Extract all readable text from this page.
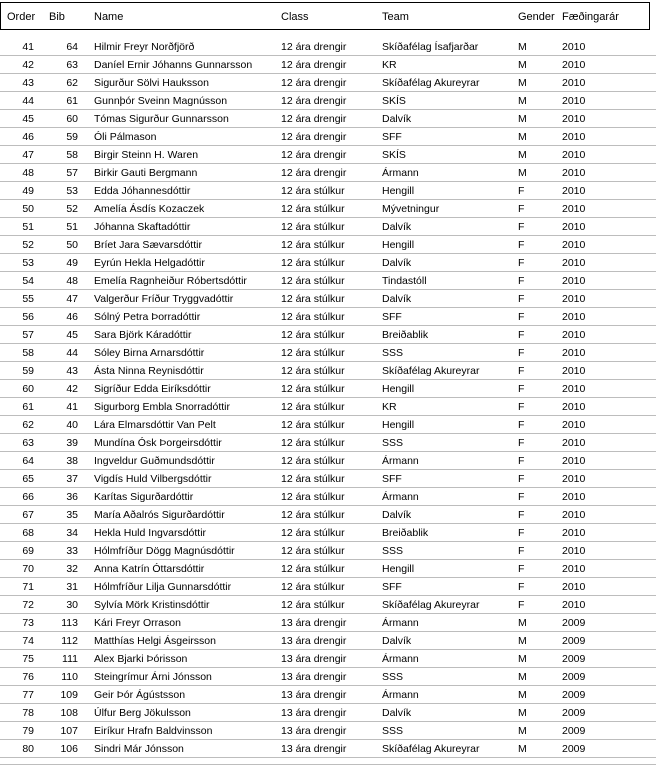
Order Bib	Name	Class	Team	Gender Fæðingarár
41	64 Hilmir Freyr Norðfjörð	12 ára drengir	Skíðafélag Ísafjarðar	M	2010
42	63 Daníel Ernir Jóhanns Gunnarsson	12 ára drengir	KR	M	2010
43	62 Sigurður Sölvi Hauksson	12 ára drengir	Skíðafélag Akureyrar	M	2010
44	61 Gunnþór Sveinn Magnússon	12 ára drengir	SKÍS	M	2010
45	60 Tómas Sigurður Gunnarsson	12 ára drengir	Dalvík	M	2010
46	59 Óli Pálmason	12 ára drengir	SFF	M	2010
47	58 Birgir Steinn H. Waren	12 ára drengir	SKÍS	M	2010
48	57 Birkir Gauti Bergmann	12 ára drengir	Ármann	M	2010
49	53 Edda Jóhannesdóttir	12 ára stúlkur	Hengill	F	2010
50	52 Amelía Ásdís Kozaczek	12 ára stúlkur	Mývetningur	F	2010
51	51 Jóhanna Skaftadóttir	12 ára stúlkur	Dalvík	F	2010
52	50 Bríet Jara Sævarsdóttir	12 ára stúlkur	Hengill	F	2010
53	49 Eyrún Hekla Helgadóttir	12 ára stúlkur	Dalvík	F	2010
54	48 Emelía Ragnheiður Róbertsdóttir	12 ára stúlkur	Tindastóll	F	2010
55	47 Valgerður Fríður Tryggvadóttir	12 ára stúlkur	Dalvík	F	2010
56	46 Sólný Petra Þorradóttir	12 ára stúlkur	SFF	F	2010
57	45 Sara Björk Káradóttir	12 ára stúlkur	Breiðablik	F	2010
58	44 Sóley Birna Arnarsdóttir	12 ára stúlkur	SSS	F	2010
59	43 Ásta Ninna Reynisdóttir	12 ára stúlkur	Skíðafélag Akureyrar	F	2010
60	42 Sigríður Edda Eiríksdóttir	12 ára stúlkur	Hengill	F	2010
61	41 Sigurborg Embla Snorradóttir	12 ára stúlkur	KR	F	2010
62	40 Lára Elmarsdóttir Van Pelt	12 ára stúlkur	Hengill	F	2010
63	39 Mundína Ósk Þorgeirsdóttir	12 ára stúlkur	SSS	F	2010
64	38 Ingveldur Guðmundsdóttir	12 ára stúlkur	Ármann	F	2010
65	37 Vigdís Huld Vilbergsdóttir	12 ára stúlkur	SFF	F	2010
66	36 Karítas Sigurðardóttir	12 ára stúlkur	Ármann	F	2010
67	35 María Aðalrós Sigurðardóttir	12 ára stúlkur	Dalvík	F	2010
68	34 Hekla Huld Ingvarsdóttir	12 ára stúlkur	Breiðablik	F	2010
69	33 Hólmfríður Dögg Magnúsdóttir	12 ára stúlkur	SSS	F	2010
70	32 Anna Katrín Óttarsdóttir	12 ára stúlkur	Hengill	F	2010
71	31 Hólmfríður Lilja Gunnarsdóttir	12 ára stúlkur	SFF	F	2010
72	30 Sylvía Mörk Kristinsdóttir	12 ára stúlkur	Skíðafélag Akureyrar	F	2010
73	113 Kári Freyr Orrason	13 ára drengir	Ármann	M	2009
74	112 Matthías Helgi Ásgeirsson	13 ára drengir	Dalvík	M	2009
75	111 Alex Bjarki Þórisson	13 ára drengir	Ármann	M	2009
76	110 Steingrímur Árni Jónsson	13 ára drengir	SSS	M	2009
77	109 Geir Þór Ágústsson	13 ára drengir	Ármann	M	2009
78	108 Úlfur Berg Jökulsson	13 ára drengir	Dalvík	M	2009
79	107 Eiríkur Hrafn Baldvinsson	13 ára drengir	SSS	M	2009
80	106 Sindri Már Jónsson	13 ára drengir	Skíðafélag Akureyrar	M	2009
